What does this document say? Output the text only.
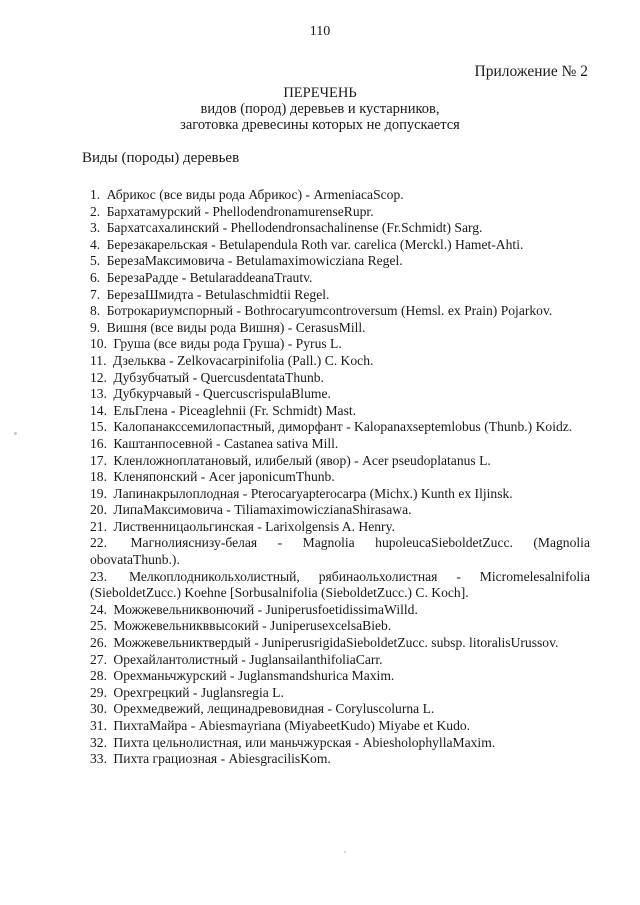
110
Приложение № 2
ПЕРЕЧЕНЬ
видов (пород) деревьев и кустарников,
заготовка древесины которых не допускается
Виды (породы) деревьев
1. Абрикос (все виды рода Абрикос) - ArmeniacaScop.
2. Бархатамурский - PhellodendronamurenseRupr.
3. Бархатсахалинский - Phellodendronsachalinense (Fr.Schmidt) Sarg.
4. Березакарельская - Betulapendula Roth var. carelica (Merckl.) Hamet-Ahti.
5. БерезаМаксимовича - Betulamaximowicziana Regel.
6. БерезаРадде - BetularaddeanaTrautv.
7. БерезаШмидта - Betulaschmidtii Regel.
8. Ботрокариумспорный - Bothrocaryumcontroversum (Hemsl. ex Prain) Pojarkov.
9. Вишня (все виды рода Вишня) - CerasusMill.
10. Груша (все виды рода Груша) - Pyrus L.
11. Дзельква - Zelkovacarpinifolia (Pall.) C. Koch.
12. Дубзубчатый - QuercusdentataThunb.
13. Дубкурчавый - QuercuscrispulaBlume.
14. ЕльГлена - Piceaglehnii (Fr. Schmidt) Mast.
15. Калопанаксcемилопастный, диморфант - Kalopanaxseptemlobus (Thunb.) Koidz.
16. Каштанпосевной - Castanea sativa Mill.
17. Кленложноплатановый, илибелый (явор) - Acer pseudoplatanus L.
18. Кленяпонский - Acer japonicumThunb.
19. Лапинакрылоплодная - Pterocaryapterocarpa (Michx.) Kunth ex Iljinsk.
20. ЛипаМаксимовича - TiliamaximowiczianaShirasawa.
21. Лиственницаольгинская - Larixolgensis A. Henry.
22. Магнолияснизу-белая - Magnolia hupoleucaSieboldetZucc. (Magnolia obovataThunb.).
23. Мелкоплодникольхолистный, рябинаольхолистная - Micromelesalnifolia (SieboldetZucc.) Koehne [Sorbusalnifolia (SieboldetZucc.) C. Koch].
24. Можжевельниквонючий - JuniperusfoetidissimaWilld.
25. Можжевельникввысокий - JuniperusexcelsaBieb.
26. Можжевельниктвердый - JuniperusrigidaSieboldetZucc. subsp. litoralisUrussov.
27. Орехайлантолистный - JuglansailanthifoliaCarr.
28. Орехманьчжурский - Juglansmandshurica Maxim.
29. Орехгрецкий - Juglansregia L.
30. Орехмедвежий, лещинадревовидная - Coryluscolurna L.
31. ПихтаМайра - Abiesmayriana (MiyabeetKudo) Miyabe et Kudo.
32. Пихта цельнолистная, или маньчжурская - AbiesholophyllaMaxim.
33. Пихта грациозная - AbiesgracilisKom.
